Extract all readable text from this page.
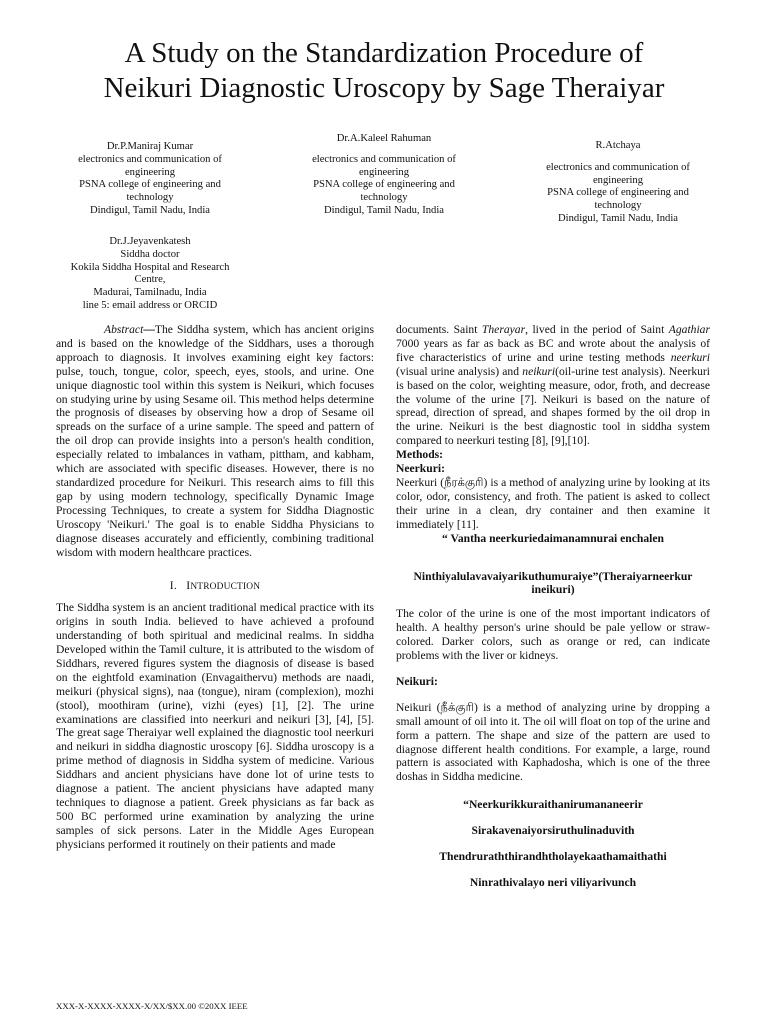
A Study on the Standardization Procedure of
Neikuri Diagnostic Uroscopy by Sage Theraiyar
Dr.P.Maniraj Kumar
electronics and communication of
engineering
PSNA college of engineering and
technology
Dindigul, Tamil Nadu, India
Dr.A.Kaleel Rahuman
electronics and communication of
engineering
PSNA college of engineering and
technology
Dindigul, Tamil Nadu, India
R.Atchaya
electronics and communication of
engineering
PSNA college of engineering and
technology
Dindigul, Tamil Nadu, India
Dr.J.Jeyavenkatesh
Siddha doctor
Kokila Siddha Hospital and Research
Centre,
Madurai, Tamilnadu, India
line 5: email address or ORCID

Abstract—The Siddha system, which has ancient origins and is based on the knowledge of the Siddhars, uses a thorough approach to diagnosis. It involves examining eight key factors: pulse, touch, tongue, color, speech, eyes, stools, and urine. One unique diagnostic tool within this system is Neikuri, which focuses on studying urine by using Sesame oil. This method helps determine the prognosis of diseases by observing how a drop of Sesame oil spreads on the surface of a urine sample. The speed and pattern of the oil drop can provide insights into a person's health condition, especially related to imbalances in vatham, pittham, and kabham, which are associated with specific diseases. However, there is no standardized procedure for Neikuri. This research aims to fill this gap by using modern technology, specifically Dynamic Image Processing Techniques, to create a system for Siddha Diagnostic Uroscopy 'Neikuri.' The goal is to enable Siddha Physicians to diagnose diseases accurately and efficiently, combining traditional wisdom with modern healthcare practices.

I. INTRODUCTION

The Siddha system is an ancient traditional medical practice with its origins in south India. believed to have achieved a profound understanding of both spiritual and medicinal realms. In siddha Developed within the Tamil culture, it is attributed to the wisdom of Siddhars, revered figures system the diagnosis of disease is based on the eightfold examination (Envagaithervu) methods are naadi, meikuri (physical signs), naa (tongue), niram (complexion), mozhi (stool), moothiram (urine), vizhi (eyes) [1], [2]. The urine examinations are classified into neerkuri and neikuri [3], [4], [5]. The great sage Theraiyar well explained the diagnostic tool neerkuri and neikuri in siddha diagnostic uroscopy [6]. Siddha uroscopy is a prime method of diagnosis in Siddha system of medicine. Various Siddhars and ancient physicians have done lot of urine tests to diagnose a patient. The ancient physicians have adapted many techniques to diagnose a patient. Greek physicians as far back as 500 BC performed urine examination by analyzing the urine samples of sick persons. Later in the Middle Ages European physicians performed it routinely on their patients and made

documents. Saint Therayar, lived in the period of Saint Agathiar 7000 years as far as back as BC and wrote about the analysis of five characteristics of urine and urine testing methods neerkuri (visual urine analysis) and neikuri(oil-urine test analysis). Neerkuri is based on the color, weighting measure, odor, froth, and decrease the volume of the urine [7]. Neikuri is based on the nature of spread, direction of spread, and shapes formed by the oil drop in the urine. Neikuri is the best diagnostic tool in siddha system compared to neerkuri testing [8], [9],[10].

Methods:

Neerkuri:

Neerkuri (நீரக்குரி) is a method of analyzing urine by looking at its color, odor, consistency, and froth. The patient is asked to collect their urine in a clean, dry container and then examine it immediately [11].

“ Vantha neerkuriedaimanamnurai enchalen

Ninthiyalulavavaiyarikuthumuraiye”(Theraiyarneerkur ineikuri)

The color of the urine is one of the most important indicators of health. A healthy person's urine should be pale yellow or straw-colored. Darker colors, such as orange or red, can indicate problems with the liver or kidneys.

Neikuri:

Neikuri (நீக்குரி) is a method of analyzing urine by dropping a small amount of oil into it. The oil will float on top of the urine and form a pattern. The shape and size of the pattern are used to diagnose different health conditions. For example, a large, round pattern is associated with Kaphadosha, which is one of the three doshas in Siddha medicine.

“Neerkurikkuraithanirumananeerir

Sirakavenaiyorsiruthulinaduvith

Thendruraththirandhtholayekaathamaithathi

Ninrathivalayo neri viliyarivunch

XXX-X-XXXX-XXXX-X/XX/$XX.00 ©20XX IEEE
